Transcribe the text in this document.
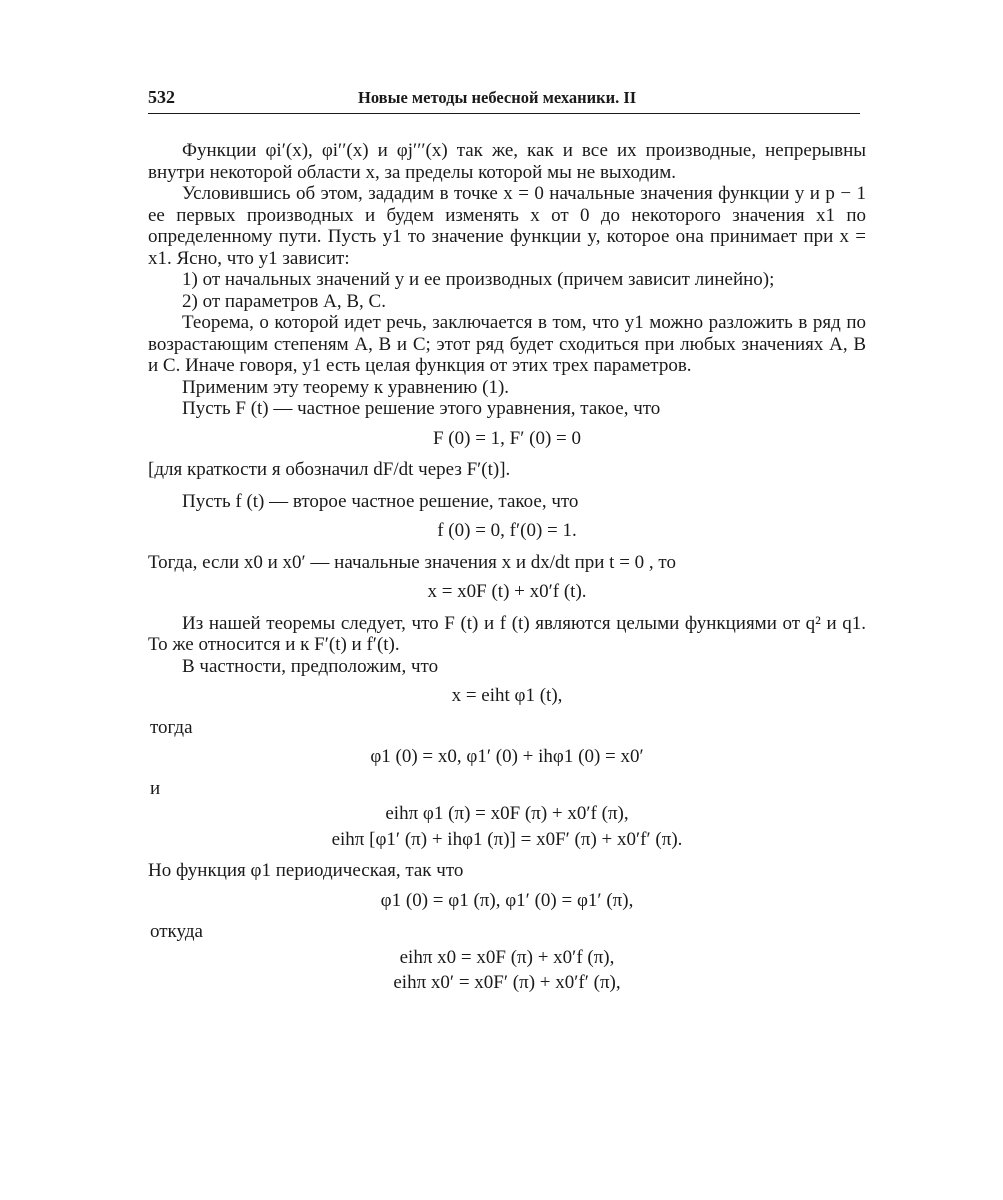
532	Новые методы небесной механики. II

Функции φi′(x), φi′′(x) и φj′′′(x) так же, как и все их производные, непрерывны внутри некоторой области x, за пределы которой мы не выходим.

Условившись об этом, зададим в точке x = 0 начальные значения функции y и p − 1 ее первых производных и будем изменять x от 0 до некоторого значения x1 по определенному пути. Пусть y1 то значение функции y, которое она принимает при x = x1. Ясно, что y1 зависит:

1) от начальных значений y и ее производных (причем зависит линейно);

2) от параметров A, B, C.

Теорема, о которой идет речь, заключается в том, что y1 можно разложить в ряд по возрастающим степеням A, B и C; этот ряд будет сходиться при любых значениях A, B и C. Иначе говоря, y1 есть целая функция от этих трех параметров.

Применим эту теорему к уравнению (1).

Пусть F (t) — частное решение этого уравнения, такое, что

F (0) = 1, F′ (0) = 0

[для краткости я обозначил dF/dt через F′(t)].

Пусть f (t) — второе частное решение, такое, что

f (0) = 0, f′(0) = 1.

Тогда, если x0 и x0′ — начальные значения x и dx/dt при t = 0 , то

x = x0F (t) + x0′f (t).

Из нашей теоремы следует, что F (t) и f (t) являются целыми функциями от q² и q1. То же относится и к F′(t) и f′(t).

В частности, предположим, что

x = eiht φ1 (t),

тогда

φ1 (0) = x0, φ1′ (0) + ihφ1 (0) = x0′

и

eihπ φ1 (π) = x0F (π) + x0′f (π),
eihπ [φ1′ (π) + ihφ1 (π)] = x0F′ (π) + x0′f′ (π).

Но функция φ1 периодическая, так что

φ1 (0) = φ1 (π), φ1′ (0) = φ1′ (π),

откуда

eihπ x0 = x0F (π) + x0′f (π),
eihπ x0′ = x0F′ (π) + x0′f′ (π),
